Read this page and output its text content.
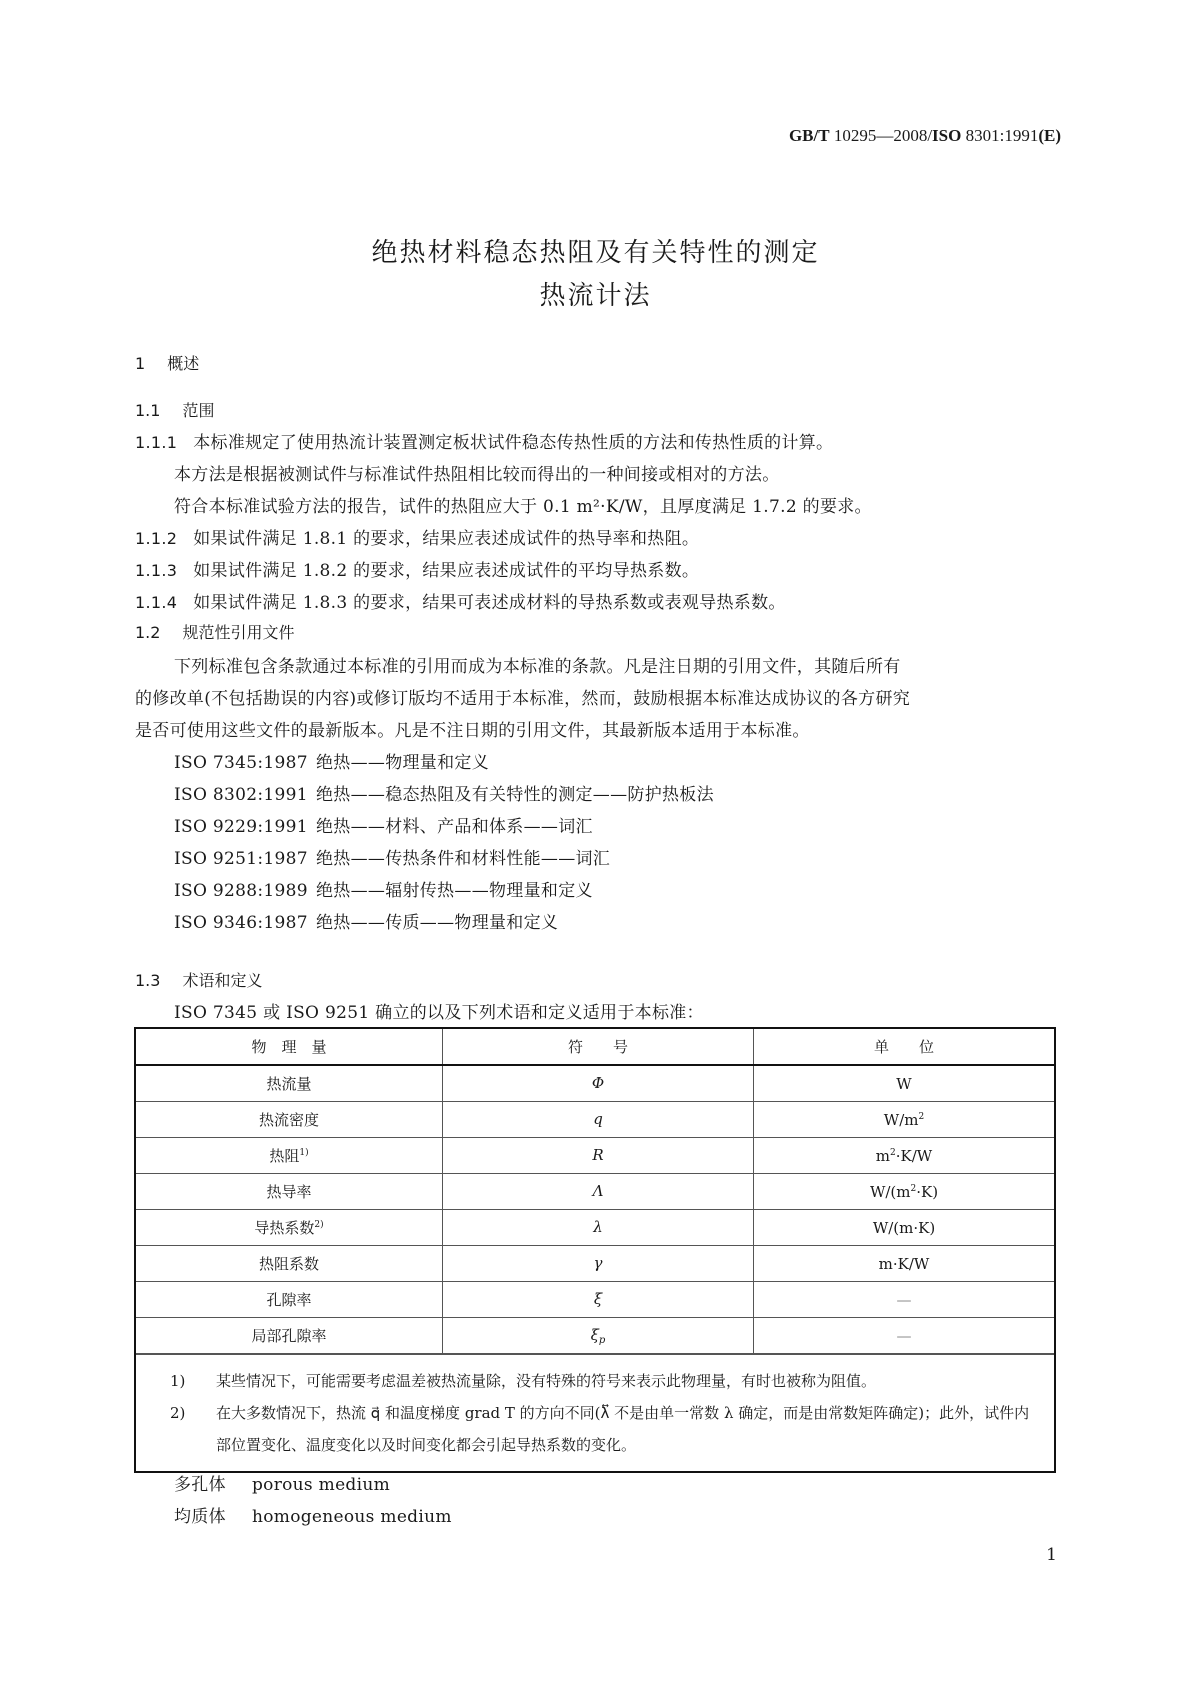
GB/T 10295—2008/ISO 8301:1991(E)
绝热材料稳态热阻及有关特性的测定
热流计法
1 概述
1.1 范围
1.1.1 本标准规定了使用热流计装置测定板状试件稳态传热性质的方法和传热性质的计算。
本方法是根据被测试件与标准试件热阻相比较而得出的一种间接或相对的方法。
符合本标准试验方法的报告，试件的热阻应大于 0.1 m²·K/W，且厚度满足 1.7.2 的要求。
1.1.2 如果试件满足 1.8.1 的要求，结果应表述成试件的热导率和热阻。
1.1.3 如果试件满足 1.8.2 的要求，结果应表述成试件的平均导热系数。
1.1.4 如果试件满足 1.8.3 的要求，结果可表述成材料的导热系数或表观导热系数。
1.2 规范性引用文件
下列标准包含条款通过本标准的引用而成为本标准的条款。凡是注日期的引用文件，其随后所有
的修改单(不包括勘误的内容)或修订版均不适用于本标准，然而，鼓励根据本标准达成协议的各方研究
是否可使用这些文件的最新版本。凡是不注日期的引用文件，其最新版本适用于本标准。
ISO 7345:1987 绝热——物理量和定义
ISO 8302:1991 绝热——稳态热阻及有关特性的测定——防护热板法
ISO 9229:1991 绝热——材料、产品和体系——词汇
ISO 9251:1987 绝热——传热条件和材料性能——词汇
ISO 9288:1989 绝热——辐射传热——物理量和定义
ISO 9346:1987 绝热——传质——物理量和定义
1.3 术语和定义
ISO 7345 或 ISO 9251 确立的以及下列术语和定义适用于本标准：
物　理　量	符　　号	单　　位
热流量	Φ	W
热流密度	q	$W/m^2$
热阻$^{1)}$	R	$m^2\cdot K/W$
热导率	Λ	$W/(m^2\cdot K)$
导热系数$^{2)}$	λ	W/(m·K)
热阻系数	γ	m·K/W
孔隙率	ξ	—
局部孔隙率	$\xi_p$	—
1)	某些情况下，可能需要考虑温差被热流量除，没有特殊的符号来表示此物理量，有时也被称为阻值。
2)	在大多数情况下，热流 q⃗ 和温度梯度 grad T 的方向不同(λ⃡ 不是由单一常数 λ 确定，而是由常数矩阵确定)；此外，试件内部位置变化、温度变化以及时间变化都会引起导热系数的变化。
多孔体 porous medium
均质体 homogeneous medium
1
